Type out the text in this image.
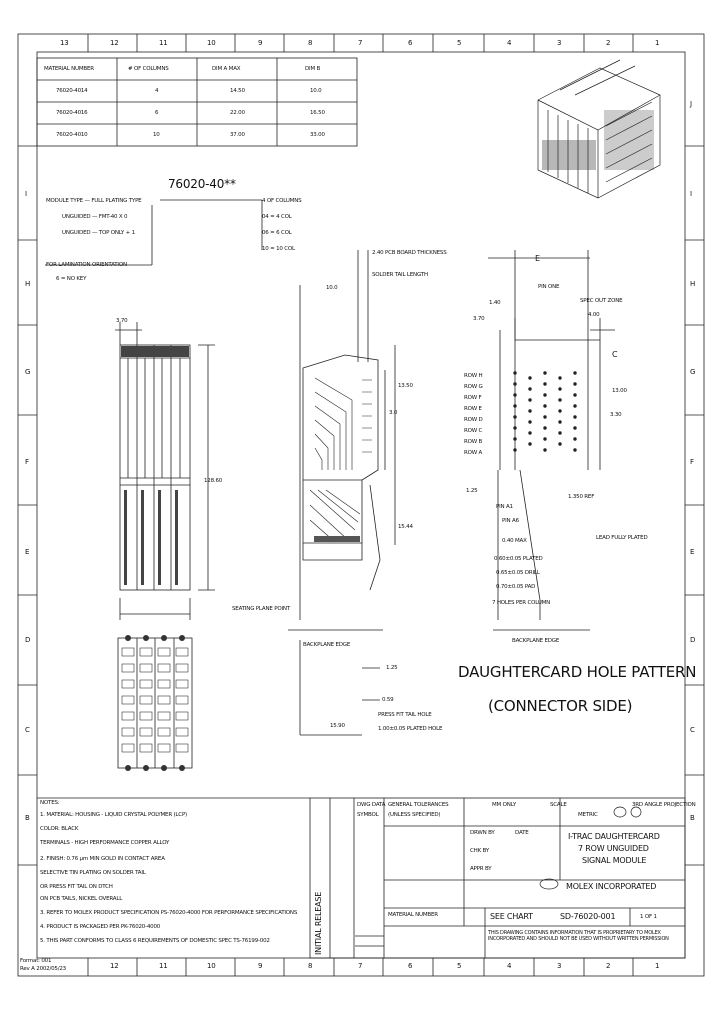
13	12	11	10	9	8	7	6	5	4	3	2	1
12	11	10	9	8	7	6	5	4	3	2	1
J
I
H
G
F
E
D
C
B
I
H
G
F
E
D
C
B
MATERIAL NUMBER	# OF COLUMNS	DIM A MAX	DIM B
76020-4014	4	14.50	10.0
76020-4016	6	22.00	16.50
76020-4010	10	37.00	33.00
76020-40**
MODULE TYPE — FULL PLATING TYPE
UNGUIDED — FMT-40 X 0
UNGUIDED — TOP ONLY + 1
FOR LAMINATION ORIENTATION
6 = NO KEY
4 OF COLUMNS
04 = 4 COL
06 = 6 COL
10 = 10 COL
3.70
128.60
SEATING PLANE POINT
2.40 PCB BOARD THICKNESS
SOLDER TAIL LENGTH
10.0
13.50
3.0
15.44
BACKPLANE EDGE
1.25
0.59
PRESS FIT TAIL HOLE
1.00±0.05 PLATED HOLE
15.90
E
1.40
3.70
PIN ONE
SPEC OUT ZONE
4.00
ROW H
ROW G
ROW F
ROW E
ROW D
ROW C
ROW B
ROW A
C
13.00
3.30
1.25
1.350 REF
PIN A1
PIN A6
0.40 MAX
0.60±0.05 PLATED
0.65±0.05 DRILL
0.70±0.05 PAD
7 HOLES PER COLUMN
LEAD FULLY PLATED
BACKPLANE EDGE
DAUGHTERCARD HOLE PATTERN
(CONNECTOR SIDE)
NOTES:
1. MATERIAL: HOUSING - LIQUID CRYSTAL POLYMER (LCP)
COLOR: BLACK
TERMINALS - HIGH PERFORMANCE COPPER ALLOY
2. FINISH: 0.76 μm MIN GOLD IN CONTACT AREA
SELECTIVE TIN PLATING ON SOLDER TAIL
OR PRESS FIT TAIL ON DTCH
ON PCB TAILS, NICKEL OVERALL
3. REFER TO MOLEX PRODUCT SPECIFICATION PS-76020-4000 FOR PERFORMANCE SPECIFICATIONS
4. PRODUCT IS PACKAGED PER PK-76020-4000
5. THIS PART CONFORMS TO CLASS 6 REQUIREMENTS OF DOMESTIC SPEC TS-76199-002	INITIAL RELEASE
DWG DATA
SYMBOL
GENERAL TOLERANCES
(UNLESS SPECIFIED)
MM ONLY	3RD ANGLE PROJECTION
SCALE
METRIC
DRWN BY	DATE
CHK BY
APPR BY
I-TRAC DAUGHTERCARD
7 ROW UNGUIDED
SIGNAL MODULE
MOLEX INCORPORATED
MATERIAL NUMBER	SEE CHART	SD-76020-001	1 OF 1
THIS DRAWING CONTAINS INFORMATION THAT IS PROPRIETARY TO MOLEX INCORPORATED AND SHOULD NOT BE USED WITHOUT WRITTEN PERMISSION
Format: 001
Rev A 2002/05/23
